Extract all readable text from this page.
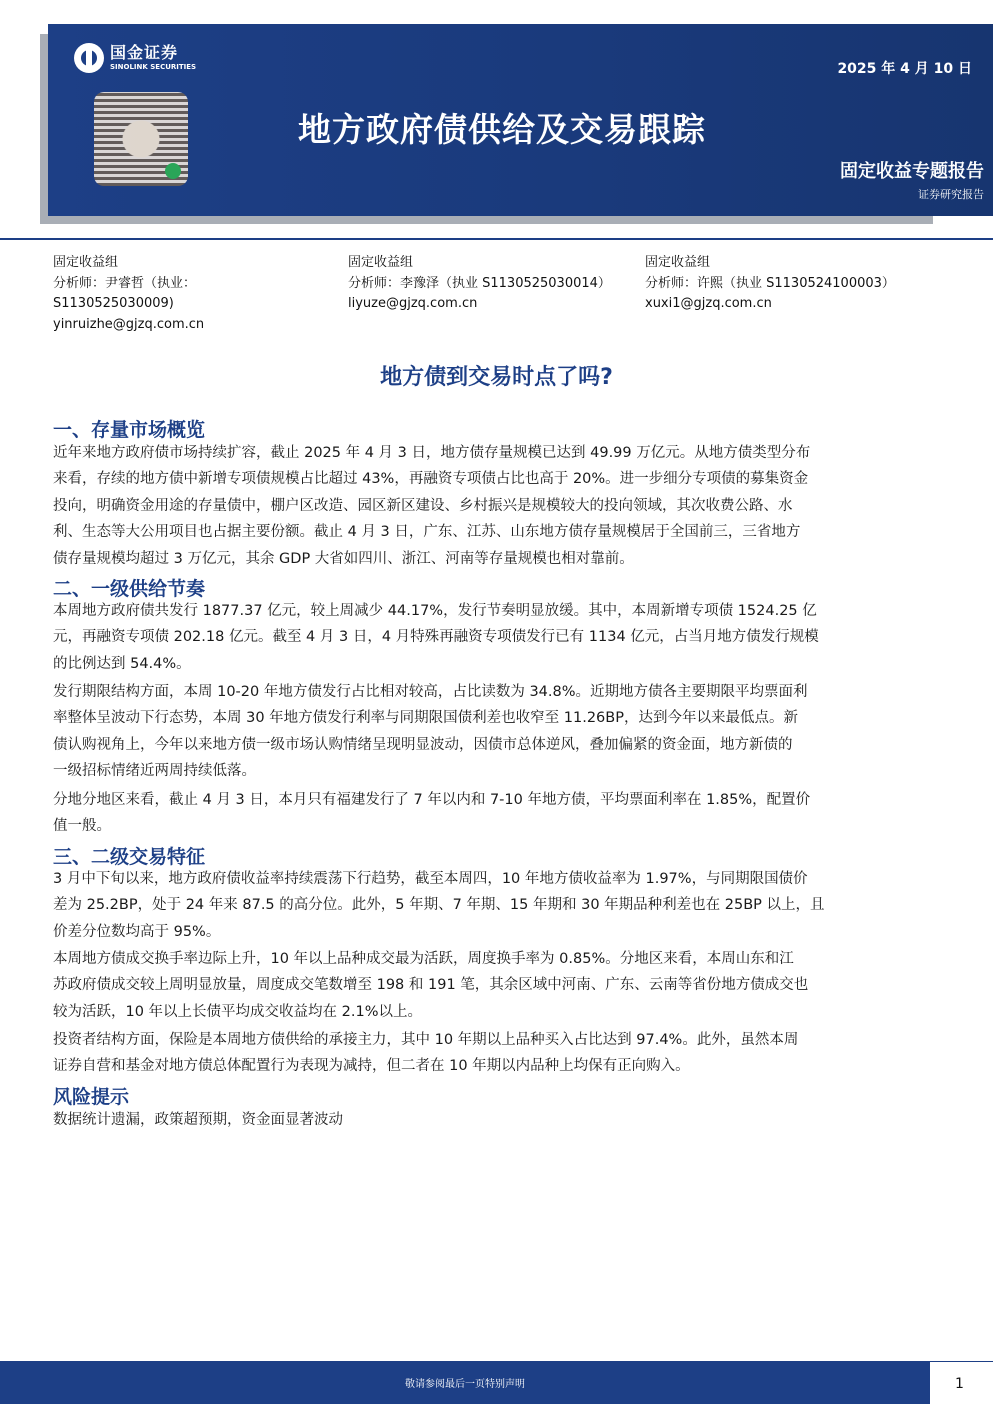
国金证券
SINOLINK SECURITIES	2025 年 4 月 10 日
地方政府债供给及交易跟踪
固定收益专题报告
证券研究报告
固定收益组
分析师：尹睿哲（执业：
S1130525030009)
yinruizhe@gjzq.com.cn
固定收益组
分析师：李豫泽（执业 S1130525030014）
liyuze@gjzq.com.cn
固定收益组
分析师：许熙（执业 S1130524100003）
xuxi1@gjzq.com.cn
地方债到交易时点了吗?
一、存量市场概览
近年来地方政府债市场持续扩容，截止 2025 年 4 月 3 日，地方债存量规模已达到 49.99 万亿元。从地方债类型分布
来看，存续的地方债中新增专项债规模占比超过 43%，再融资专项债占比也高于 20%。进一步细分专项债的募集资金
投向，明确资金用途的存量债中，棚户区改造、园区新区建设、乡村振兴是规模较大的投向领域，其次收费公路、水
利、生态等大公用项目也占据主要份额。截止 4 月 3 日，广东、江苏、山东地方债存量规模居于全国前三，三省地方
债存量规模均超过 3 万亿元，其余 GDP 大省如四川、浙江、河南等存量规模也相对靠前。
二、一级供给节奏
本周地方政府债共发行 1877.37 亿元，较上周减少 44.17%，发行节奏明显放缓。其中，本周新增专项债 1524.25 亿
元，再融资专项债 202.18 亿元。截至 4 月 3 日，4 月特殊再融资专项债发行已有 1134 亿元，占当月地方债发行规模
的比例达到 54.4%。
发行期限结构方面，本周 10-20 年地方债发行占比相对较高，占比读数为 34.8%。近期地方债各主要期限平均票面利
率整体呈波动下行态势，本周 30 年地方债发行利率与同期限国债利差也收窄至 11.26BP，达到今年以来最低点。新
债认购视角上，今年以来地方债一级市场认购情绪呈现明显波动，因债市总体逆风，叠加偏紧的资金面，地方新债的
一级招标情绪近两周持续低落。
分地分地区来看，截止 4 月 3 日，本月只有福建发行了 7 年以内和 7-10 年地方债，平均票面利率在 1.85%，配置价
值一般。
三、二级交易特征
3 月中下旬以来，地方政府债收益率持续震荡下行趋势，截至本周四，10 年地方债收益率为 1.97%，与同期限国债价
差为 25.2BP，处于 24 年来 87.5 的高分位。此外，5 年期、7 年期、15 年期和 30 年期品种利差也在 25BP 以上，且
价差分位数均高于 95%。
本周地方债成交换手率边际上升，10 年以上品种成交最为活跃，周度换手率为 0.85%。分地区来看，本周山东和江
苏政府债成交较上周明显放量，周度成交笔数增至 198 和 191 笔，其余区域中河南、广东、云南等省份地方债成交也
较为活跃，10 年以上长债平均成交收益均在 2.1%以上。
投资者结构方面，保险是本周地方债供给的承接主力，其中 10 年期以上品种买入占比达到 97.4%。此外，虽然本周
证券自营和基金对地方债总体配置行为表现为减持，但二者在 10 年期以内品种上均保有正向购入。
风险提示
数据统计遗漏，政策超预期，资金面显著波动
敬请参阅最后一页特别声明	1
